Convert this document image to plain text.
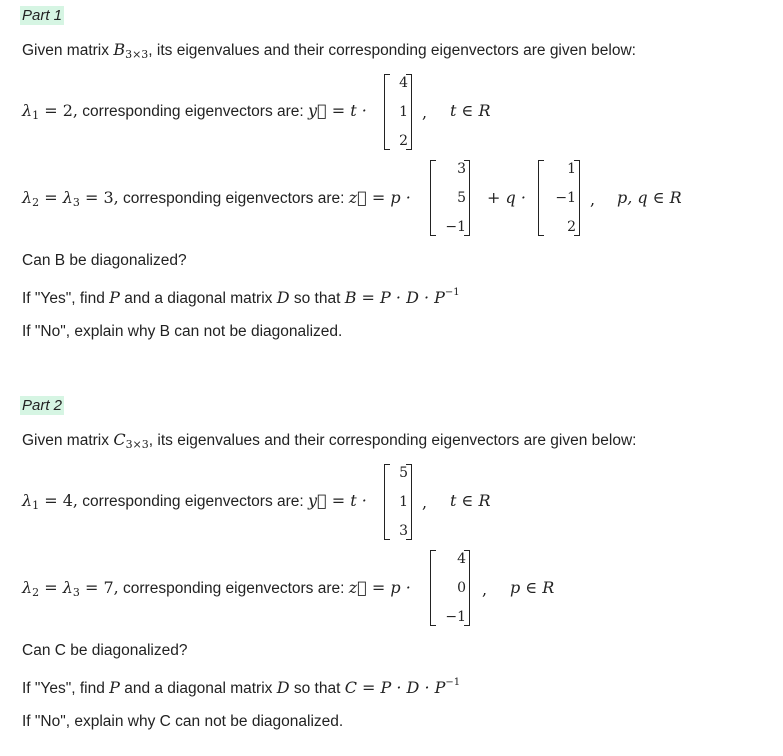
Part 1
Given matrix $B_{3\times 3}$, its eigenvalues and their corresponding eigenvectors are given below:
$\lambda_1 = 2$, corresponding eigenvectors are: y⃗ = t ·
4
1
2
, t ∈ R
$\lambda_2 = \lambda_3 = 3$, corresponding eigenvectors are: z⃗ = p ·
3
5
−1
+ q ·
1
−1
2
, p, q ∈ R
Can B be diagonalized?
If "Yes", find P and a diagonal matrix D so that $B = P \cdot D \cdot P^{-1}$
If "No", explain why B can not be diagonalized.
Part 2
Given matrix $C_{3\times 3}$, its eigenvalues and their corresponding eigenvectors are given below:
$\lambda_1 = 4$, corresponding eigenvectors are: y⃗ = t ·
5
1
3
, t ∈ R
$\lambda_2 = \lambda_3 = 7$, corresponding eigenvectors are: z⃗ = p ·
4
0
−1
, p ∈ R
Can C be diagonalized?
If "Yes", find P and a diagonal matrix D so that $C = P \cdot D \cdot P^{-1}$
If "No", explain why C can not be diagonalized.
